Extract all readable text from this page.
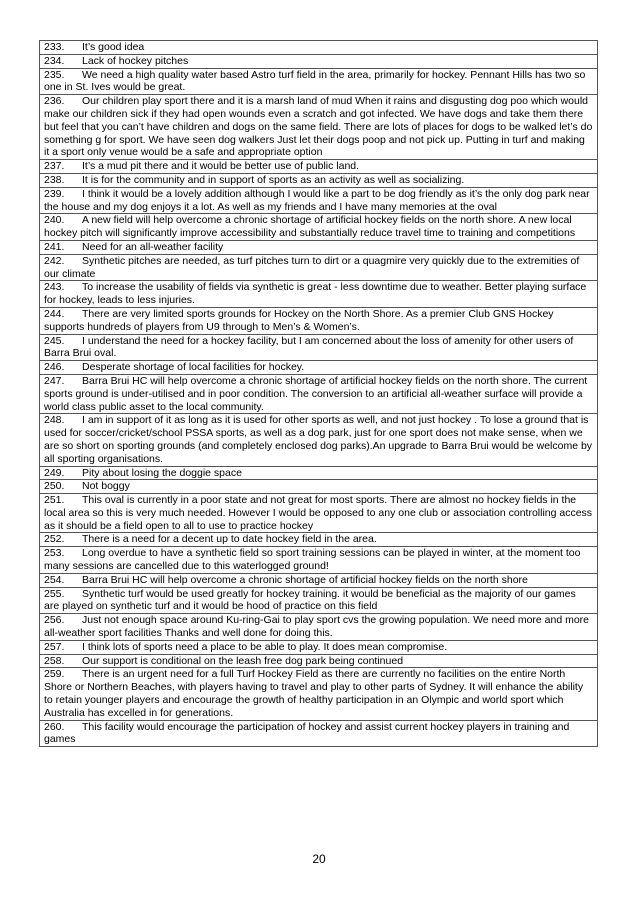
233. It’s good idea
234. Lack of hockey pitches
235. We need a high quality water based Astro turf field in the area, primarily for hockey. Pennant Hills has two so one in St. Ives would be great.
236. Our children play sport there and it is a marsh land of mud When it rains and disgusting dog poo which would make our children sick if they had open wounds even a scratch and got infected. We have dogs and take them there but feel that you can’t have children and dogs on the same field. There are lots of places for dogs to be walked let’s do something g for sport. We have seen dog walkers Just let their dogs poop and not pick up. Putting in turf and making it a sport only venue would be a safe and appropriate option
237. It’s a mud pit there and it would be better use of public land.
238. It is for the community and in support of sports as an activity as well as socializing.
239. I think it would be a lovely addition although I would like a part to be dog friendly as it’s the only dog park near the house and my dog enjoys it a lot. As well as my friends and I have many memories at the oval
240. A new field will help overcome a chronic shortage of artificial hockey fields on the north shore. A new local hockey pitch will significantly improve accessibility and substantially reduce travel time to training and competitions
241. Need for an all-weather facility
242. Synthetic pitches are needed, as turf pitches turn to dirt or a quagmire very quickly due to the extremities of our climate
243. To increase the usability of fields via synthetic is great - less downtime due to weather. Better playing surface for hockey, leads to less injuries.
244. There are very limited sports grounds for Hockey on the North Shore. As a premier Club GNS Hockey supports hundreds of players from U9 through to Men’s & Women’s.
245. I understand the need for a hockey facility, but I am concerned about the loss of amenity for other users of Barra Brui oval.
246. Desperate shortage of local facilities for hockey.
247. Barra Brui HC will help overcome a chronic shortage of artificial hockey fields on the north shore. The current sports ground is under-utilised and in poor condition. The conversion to an artificial all-weather surface will provide a world class public asset to the local community.
248. I am in support of it as long as it is used for other sports as well, and not just hockey . To lose a ground that is used for soccer/cricket/school PSSA sports, as well as a dog park, just for one sport does not make sense, when we are so short on sporting grounds (and completely enclosed dog parks).An upgrade to Barra Brui would be welcome by all sporting organisations.
249. Pity about losing the doggie space
250. Not boggy
251. This oval is currently in a poor state and not great for most sports. There are almost no hockey fields in the local area so this is very much needed. However I would be opposed to any one club or association controlling access as it should be a field open to all to use to practice hockey
252. There is a need for a decent up to date hockey field in the area.
253. Long overdue to have a synthetic field so sport training sessions can be played in winter, at the moment too many sessions are cancelled due to this waterlogged ground!
254. Barra Brui HC will help overcome a chronic shortage of artificial hockey fields on the north shore
255. Synthetic turf would be used greatly for hockey training. it would be beneficial as the majority of our games are played on synthetic turf and it would be hood of practice on this field
256. Just not enough space around Ku-ring-Gai to play sport cvs the growing population. We need more and more all-weather sport facilities Thanks and well done for doing this.
257. I think lots of sports need a place to be able to play. It does mean compromise.
258. Our support is conditional on the leash free dog park being continued
259. There is an urgent need for a full Turf Hockey Field as there are currently no facilities on the entire North Shore or Northern Beaches, with players having to travel and play to other parts of Sydney. It will enhance the ability to retain younger players and encourage the growth of healthy participation in an Olympic and world sport which Australia has excelled in for generations.
260. This facility would encourage the participation of hockey and assist current hockey players in training and games
20
